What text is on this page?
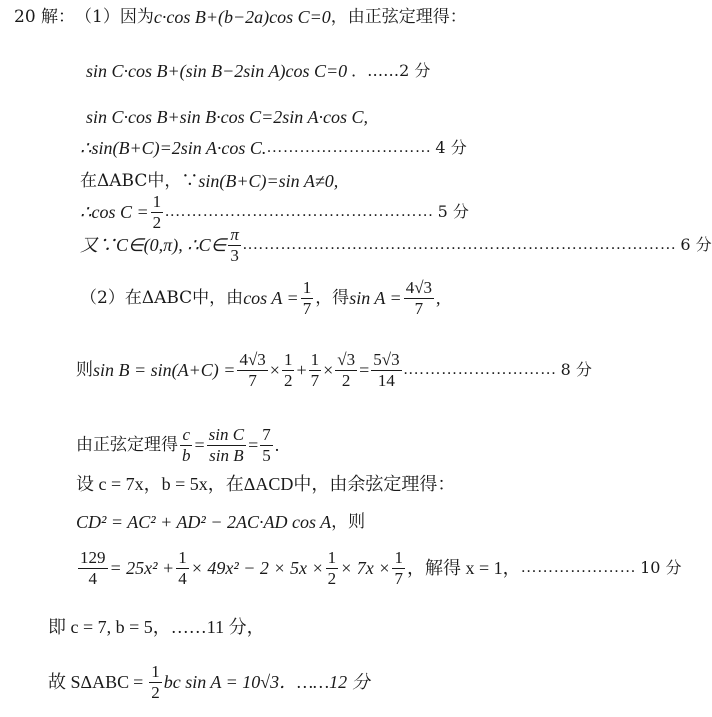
20 解： （1）因为 c·cos B+(b−2a)cos C=0 ，由正弦定理得：
sin C·cos B+(sin B−2sin A)cos C=0 ．……2 分
sin C·cos B+sin B·cos C=2sin A·cos C,
∴sin(B+C)=2sin A·cos C. ………………………… 4 分
在ΔABC中，∵ sin(B+C)=sin A≠0,
∴cos $C = \frac{1}{2}$ .………………………………………… 5 分
又∵C∈(0,π), ∴C∈ $\frac{\pi}{3}$ .…………………………………………………………………… 6 分
（2）在ΔABC中，由 $\cos A = \frac{1}{7}$ ，得 $\sin A = \frac{4√3}{7}$ ,
则 $\sin B = \sin(A+C) = \frac{4√3}{7} \times \frac{1}{2} + \frac{1}{7} \times \frac{√3}{2} = \frac{5√3}{14}$ .……………………… 8 分
由正弦定理得 $\frac{c}{b} = \frac{\text{sin C}}{\text{sin B}} = \frac{7}{5}$ .
设 c = 7x，b = 5x，在ΔACD中，由余弦定理得：
CD² = AC² + AD² − 2AC·AD cos A ，则
$\frac{129}{4} = 25x^2 + \frac{1}{4} \times 49x^2 - 2 \times 5x \times \frac{1}{2} \times 7x \times \frac{1}{7}$ ，解得 x = 1， ………………… 10 分
即 c = 7, b = 5，……11 分，
故 S $\Delta ABC = \frac{1}{2}$ bc sin A = 10√3．……12 分
